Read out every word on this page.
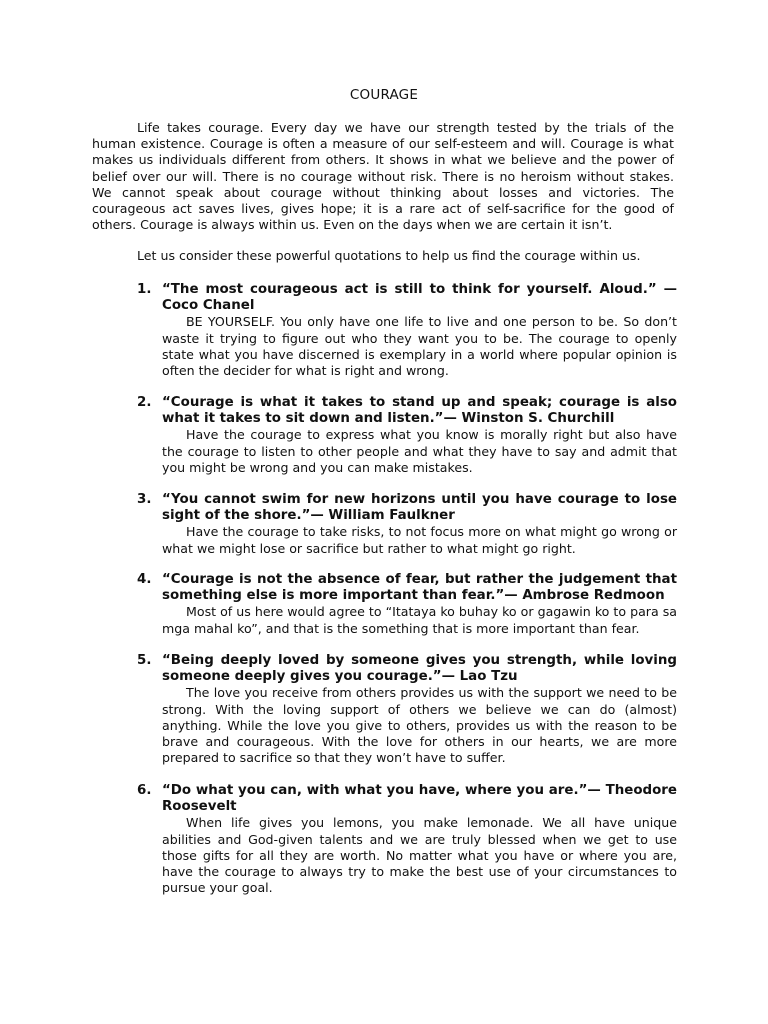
COURAGE

Life takes courage. Every day we have our strength tested by the trials of the human existence. Courage is often a measure of our self-esteem and will. Courage is what makes us individuals different from others. It shows in what we believe and the power of belief over our will. There is no courage without risk. There is no heroism without stakes. We cannot speak about courage without thinking about losses and victories. The courageous act saves lives, gives hope; it is a rare act of self-sacrifice for the good of others. Courage is always within us. Even on the days when we are certain it isn’t.

Let us consider these powerful quotations to help us find the courage within us.

1. “The most courageous act is still to think for yourself. Aloud.” — Coco Chanel

BE YOURSELF. You only have one life to live and one person to be. So don’t waste it trying to figure out who they want you to be. The courage to openly state what you have discerned is exemplary in a world where popular opinion is often the decider for what is right and wrong.

2. “Courage is what it takes to stand up and speak; courage is also what it takes to sit down and listen.”— Winston S. Churchill

Have the courage to express what you know is morally right but also have the courage to listen to other people and what they have to say and admit that you might be wrong and you can make mistakes.

3. “You cannot swim for new horizons until you have courage to lose sight of the shore.”— William Faulkner

Have the courage to take risks, to not focus more on what might go wrong or what we might lose or sacrifice but rather to what might go right.

4. “Courage is not the absence of fear, but rather the judgement that something else is more important than fear.”— Ambrose Redmoon

Most of us here would agree to “Itataya ko buhay ko or gagawin ko to para sa mga mahal ko”, and that is the something that is more important than fear.

5. “Being deeply loved by someone gives you strength, while loving someone deeply gives you courage.”— Lao Tzu

The love you receive from others provides us with the support we need to be strong. With the loving support of others we believe we can do (almost) anything. While the love you give to others, provides us with the reason to be brave and courageous. With the love for others in our hearts, we are more prepared to sacrifice so that they won’t have to suffer.

6. “Do what you can, with what you have, where you are.”— Theodore Roosevelt

When life gives you lemons, you make lemonade. We all have unique abilities and God-given talents and we are truly blessed when we get to use those gifts for all they are worth. No matter what you have or where you are, have the courage to always try to make the best use of your circumstances to pursue your goal.
